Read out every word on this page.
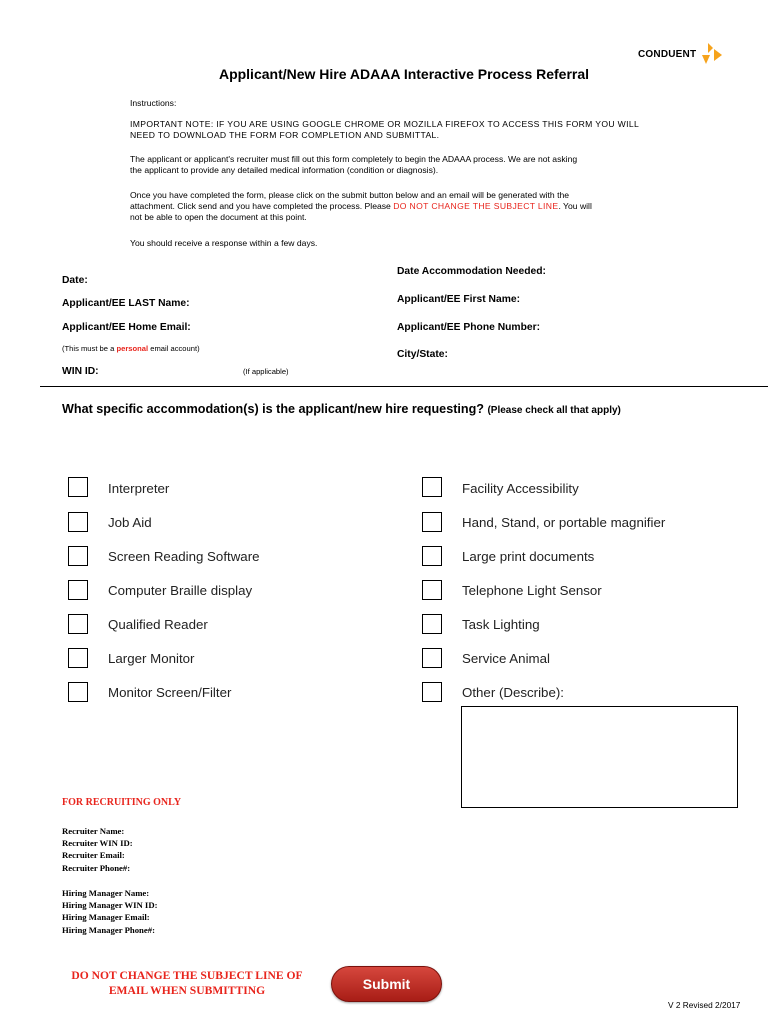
CONDUENT
Applicant/New Hire ADAAA Interactive Process Referral
Instructions:
IMPORTANT NOTE: IF YOU ARE USING GOOGLE CHROME OR MOZILLA FIREFOX TO ACCESS THIS FORM YOU WILL
NEED TO DOWNLOAD THE FORM FOR COMPLETION AND SUBMITTAL.
The applicant or applicant's recruiter must fill out this form completely to begin the ADAAA process. We are not asking
the applicant to provide any detailed medical information (condition or diagnosis).
Once you have completed the form, please click on the submit button below and an email will be generated with the
attachment. Click send and you have completed the process. Please DO NOT CHANGE THE SUBJECT LINE. You will
not be able to open the document at this point.
You should receive a response within a few days.
Date:
Date Accommodation Needed:
Applicant/EE LAST Name:	Applicant/EE First Name:
Applicant/EE Home Email:	Applicant/EE Phone Number:
(This must be a personal email account)
City/State:
WIN ID:	(If applicable)
What specific accommodation(s) is the applicant/new hire requesting? (Please check all that apply)
Interpreter
Job Aid
Screen Reading Software
Computer Braille display
Qualified Reader
Larger Monitor
Monitor Screen/Filter
Facility Accessibility
Hand, Stand, or portable magnifier
Large print documents
Telephone Light Sensor
Task Lighting
Service Animal
Other (Describe):
FOR RECRUITING ONLY
Recruiter Name:
Recruiter WIN ID:
Recruiter Email:
Recruiter Phone#:
Hiring Manager Name:
Hiring Manager WIN ID:
Hiring Manager Email:
Hiring Manager Phone#:
DO NOT CHANGE THE SUBJECT LINE OF
EMAIL WHEN SUBMITTING	Submit
V 2 Revised 2/2017
